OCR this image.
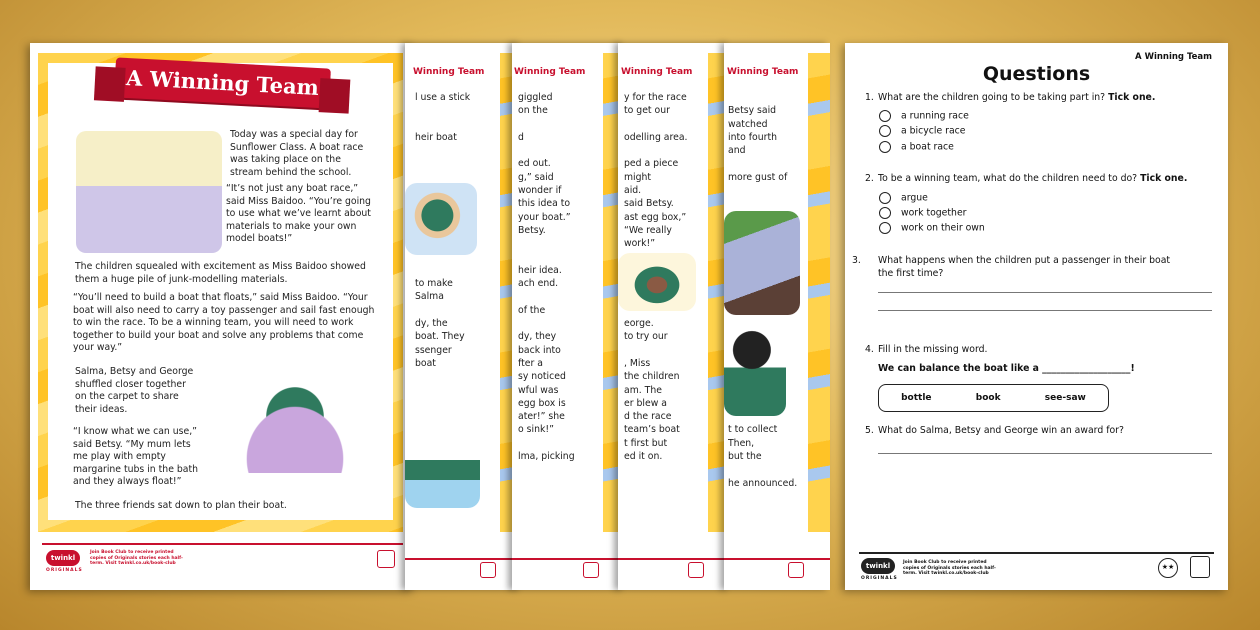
A Winning Team
Today was a special day for Sunflower Class. A boat race was taking place on the stream behind the school.
“It’s not just any boat race,” said Miss Baidoo. “You’re going to use what we’ve learnt about materials to make your own model boats!”
The children squealed with excitement as Miss Baidoo showed them a huge pile of junk-modelling materials.
“You’ll need to build a boat that floats,” said Miss Baidoo. “Your boat will also need to carry a toy passenger and sail fast enough to win the race. To be a winning team, you will need to work together to build your boat and solve any problems that come your way.”
Salma, Betsy and George shuffled closer together on the carpet to share their ideas.
“I know what we can use,” said Betsy. “My mum lets me play with empty margarine tubs in the bath and they always float!”
The three friends sat down to plan their boat.
twinkl
ORIGINALS
Join Book Club to receive printed copies of Originals stories each half-term. Visit twinkl.co.uk/book-club
Winning Team
l use a stick
heir boat
to make
Salma
dy, the
boat. They
ssenger
boat
Winning Team
giggled
on the
d
ed out.
g,” said
wonder if
this idea to
your boat.”
Betsy.
heir idea.
ach end.
of the
dy, they
back into
fter a
sy noticed
wful was
egg box is
ater!” she
o sink!”
lma, picking
Winning Team
y for the race
to get our
odelling area.
ped a piece
might
aid.
said Betsy.
ast egg box,”
“We really
work!”
eorge.
to try our
, Miss
the children
am. The
er blew a
d the race
team’s boat
t first but
ed it on.
Winning Team
Betsy said
watched
into fourth
and
more gust of
t to collect
Then,
but the
he announced.
A Winning Team
Questions
1. What are the children going to be taking part in? Tick one.
a running race
a bicycle race
a boat race
2. To be a winning team, what do the children need to do? Tick one.
argue
work together
work on their own
3. What happens when the children put a passenger in their boat the first time?
4. Fill in the missing word.
We can balance the boat like a ___________________!
bottle	book	see-saw
5. What do Salma, Betsy and George win an award for?
twinkl
ORIGINALS
Join Book Club to receive printed copies of Originals stories each half-term. Visit twinkl.co.uk/book-club
★★
